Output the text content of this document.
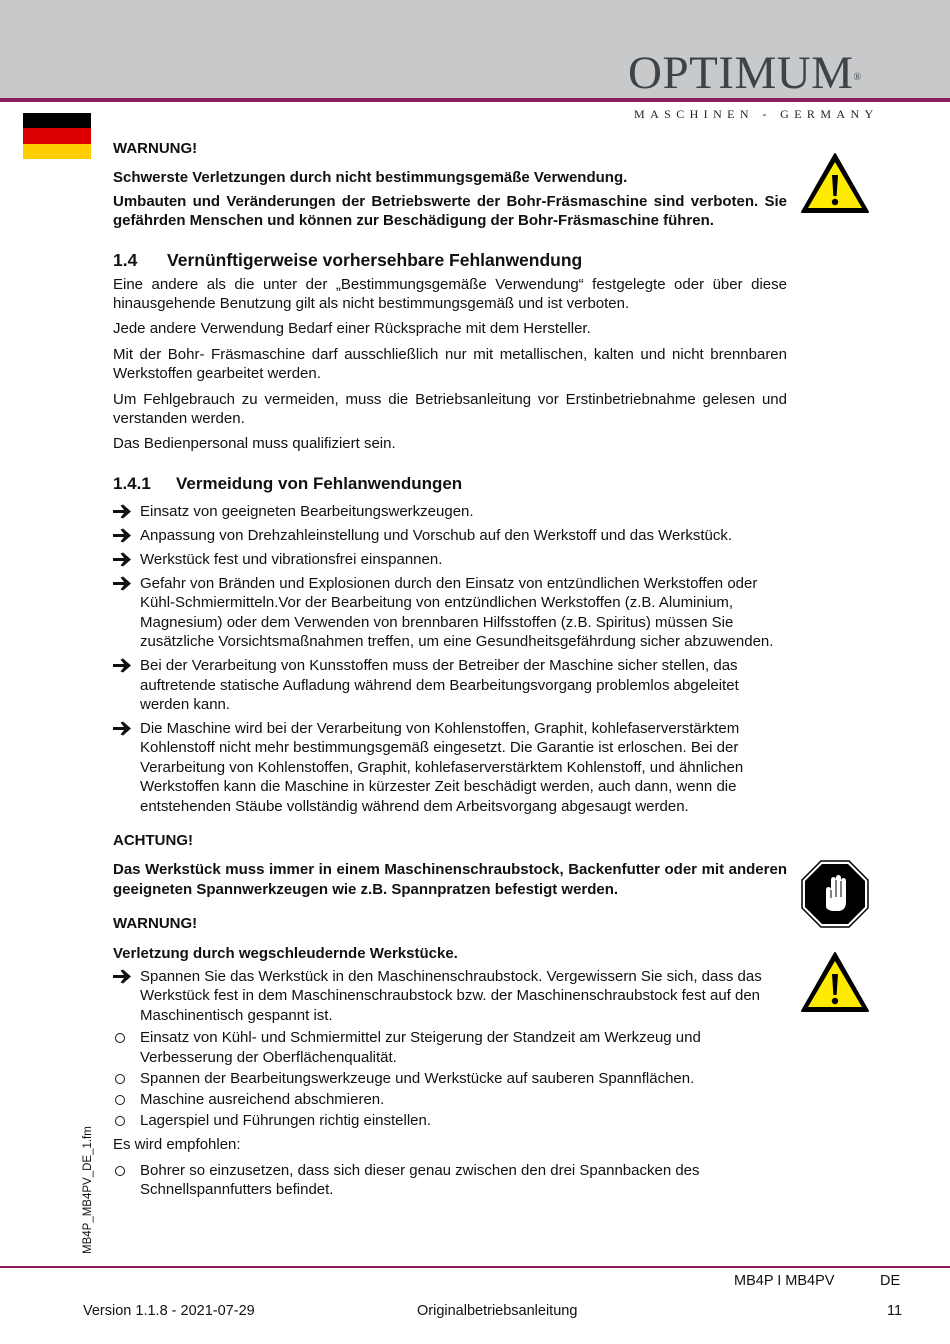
OPTIMUM®
MASCHINEN - GERMANY
MB4P_MB4PV_DE_1.fm

WARNUNG!

Schwerste Verletzungen durch nicht bestimmungsgemäße Verwendung.

Umbauten und Veränderungen der Betriebswerte der Bohr-Fräsmaschine sind verboten. Sie gefährden Menschen und können zur Beschädigung der Bohr-Fräsmaschine führen.

1.4 Vernünftigerweise vorhersehbare Fehlanwendung

Eine andere als die unter der „Bestimmungsgemäße Verwendung“ festgelegte oder über diese hinausgehende Benutzung gilt als nicht bestimmungsgemäß und ist verboten.

Jede andere Verwendung Bedarf einer Rücksprache mit dem Hersteller.

Mit der Bohr- Fräsmaschine darf ausschließlich nur mit metallischen, kalten und nicht brennbaren Werkstoffen gearbeitet werden.

Um Fehlgebrauch zu vermeiden, muss die Betriebsanleitung vor Erstinbetriebnahme gelesen und verstanden werden.

Das Bedienpersonal muss qualifiziert sein.

1.4.1 Vermeidung von Fehlanwendungen

Einsatz von geeigneten Bearbeitungswerkzeugen.
Anpassung von Drehzahleinstellung und Vorschub auf den Werkstoff und das Werkstück.
Werkstück fest und vibrationsfrei einspannen.
Gefahr von Bränden und Explosionen durch den Einsatz von entzündlichen Werkstoffen oder Kühl-Schmiermitteln.Vor der Bearbeitung von entzündlichen Werkstoffen (z.B. Aluminium, Magnesium) oder dem Verwenden von brennbaren Hilfsstoffen (z.B. Spiritus) müssen Sie zusätzliche Vorsichtsmaßnahmen treffen, um eine Gesundheitsgefährdung sicher abzuwenden.
Bei der Verarbeitung von Kunsstoffen muss der Betreiber der Maschine sicher stellen, das auftretende statische Aufladung während dem Bearbeitungsvorgang problemlos abgeleitet werden kann.
Die Maschine wird bei der Verarbeitung von Kohlenstoffen, Graphit, kohlefaserverstärktem Kohlenstoff nicht mehr bestimmungsgemäß eingesetzt. Die Garantie ist erloschen. Bei der Verarbeitung von Kohlenstoffen, Graphit, kohlefaserverstärktem Kohlenstoff, und ähnlichen Werkstoffen kann die Maschine in kürzester Zeit beschädigt werden, auch dann, wenn die entstehenden Stäube vollständig während dem Arbeitsvorgang abgesaugt werden.

ACHTUNG!

Das Werkstück muss immer in einem Maschinenschraubstock, Backenfutter oder mit anderen geeigneten Spannwerkzeugen wie z.B. Spannpratzen befestigt werden.

WARNUNG!

Verletzung durch wegschleudernde Werkstücke.

Spannen Sie das Werkstück in den Maschinenschraubstock. Vergewissern Sie sich, dass das Werkstück fest in dem Maschinenschraubstock bzw. der Maschinenschraubstock fest auf den Maschinentisch gespannt ist.
Einsatz von Kühl- und Schmiermittel zur Steigerung der Standzeit am Werkzeug und Verbesserung der Oberflächenqualität.
Spannen der Bearbeitungswerkzeuge und Werkstücke auf sauberen Spannflächen.
Maschine ausreichend abschmieren.
Lagerspiel und Führungen richtig einstellen.

Es wird empfohlen:

Bohrer so einzusetzen, dass sich dieser genau zwischen den drei Spannbacken des Schnellspannfutters befindet.
MB4P I MB4PV	DE
Version 1.1.8 - 2021-07-29	Originalbetriebsanleitung	11
